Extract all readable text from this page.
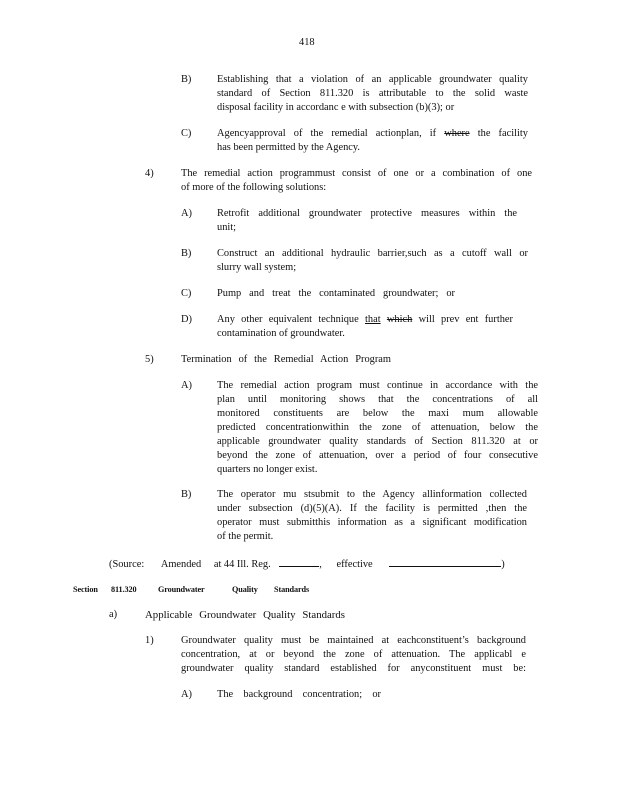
418
B) Establishing that a violation of an applicable groundwater quality
standard of Section 811.320 is attributable to the solid waste
disposal facility in accordanc e with subsection (b)(3); or
C) Agencyapproval of the remedial actionplan, if where the facility
has been permitted by the Agency.
4)	The remedial action programmust consist of one or a combination of one
of more of the following solutions:
A) Retrofit additional groundwater protective measures within the
unit;
B) Construct an additional hydraulic barrier,such as a cutoff wall or
slurry wall system;
C) Pump and treat the contaminated groundwater; or
D) Any other equivalent technique that which will prev ent further
contamination of groundwater.
5)	Termination of the Remedial Action Program
A) The remedial action program must continue in accordance with the
plan until monitoring shows that the concentrations of all
monitored constituents are below the maxi mum allowable
predicted concentrationwithin the zone of attenuation, below the
applicable groundwater quality standards of Section 811.320 at or
beyond the zone of attenuation, over a period of four consecutive
quarters no longer exist.
B) The operator mu stsubmit to the Agency allinformation collected
under subsection (d)(5)(A). If the facility is permitted ,then the
operator must submitthis information as a significant modification
of the permit.
(Source: Amended at 44 Ill. Reg.	, effective	)
Section 811.320	Groundwater	Quality Standards
a)	Applicable Groundwater Quality Standards
1)	Groundwater quality must be maintained at eachconstituent’s background
concentration, at or beyond the zone of attenuation. The applicabl e
groundwater quality standard established for anyconstituent must be:
A) The background concentration; or
